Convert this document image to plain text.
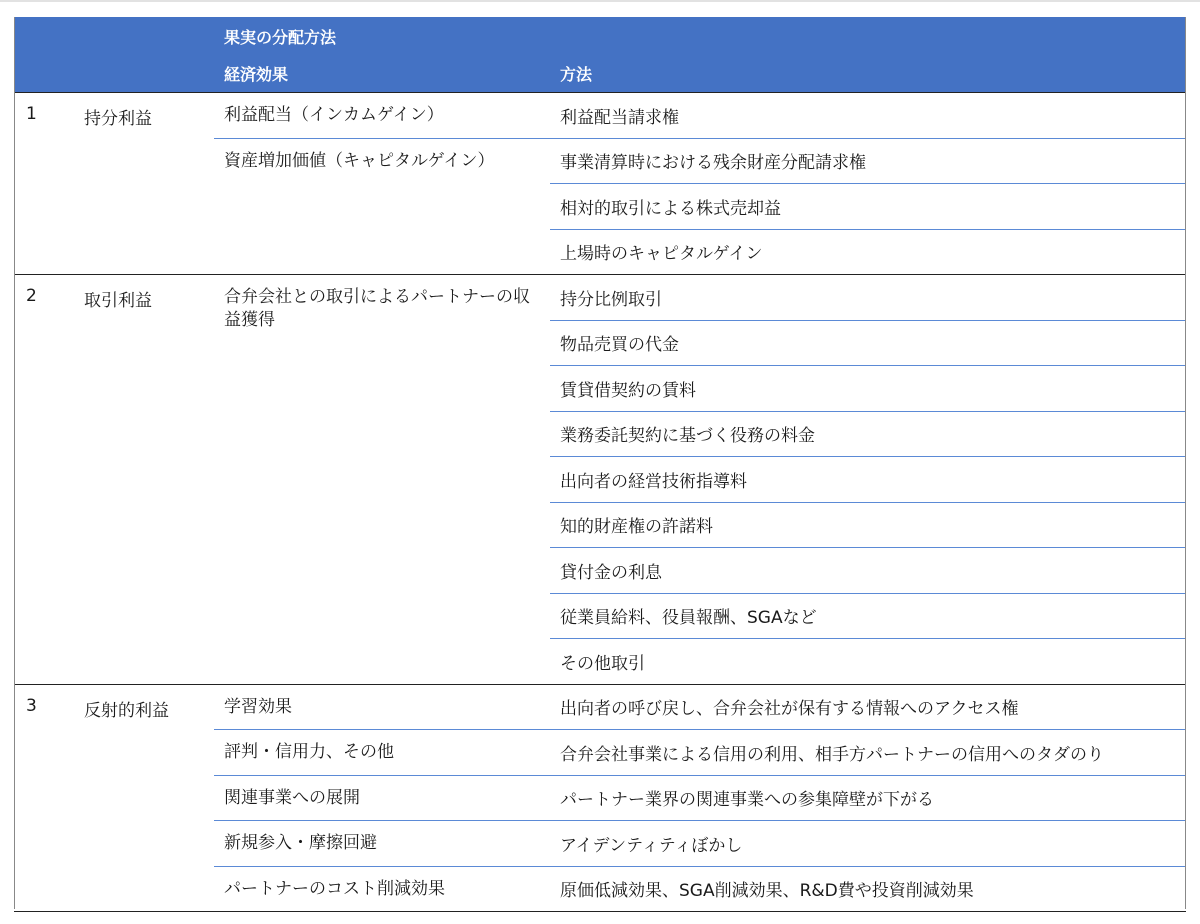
		果実の分配方法	
		経済効果	方法
1	持分利益	利益配当（インカムゲイン）	利益配当請求権
		資産増加価値（キャピタルゲイン）	事業清算時における残余財産分配請求権
			相対的取引による株式売却益
			上場時のキャピタルゲイン
2	取引利益	合弁会社との取引によるパートナーの収益獲得	持分比例取引
			物品売買の代金
			賃貸借契約の賃料
			業務委託契約に基づく役務の料金
			出向者の経営技術指導料
			知的財産権の許諾料
			貸付金の利息
			従業員給料、役員報酬、SGAなど
			その他取引
3	反射的利益	学習効果	出向者の呼び戻し、合弁会社が保有する情報へのアクセス権
		評判・信用力、その他	合弁会社事業による信用の利用、相手方パートナーの信用へのタダのり
		関連事業への展開	パートナー業界の関連事業への参集障壁が下がる
		新規参入・摩擦回避	アイデンティティぼかし
		パートナーのコスト削減効果	原価低減効果、SGA削減効果、R&D費や投資削減効果
